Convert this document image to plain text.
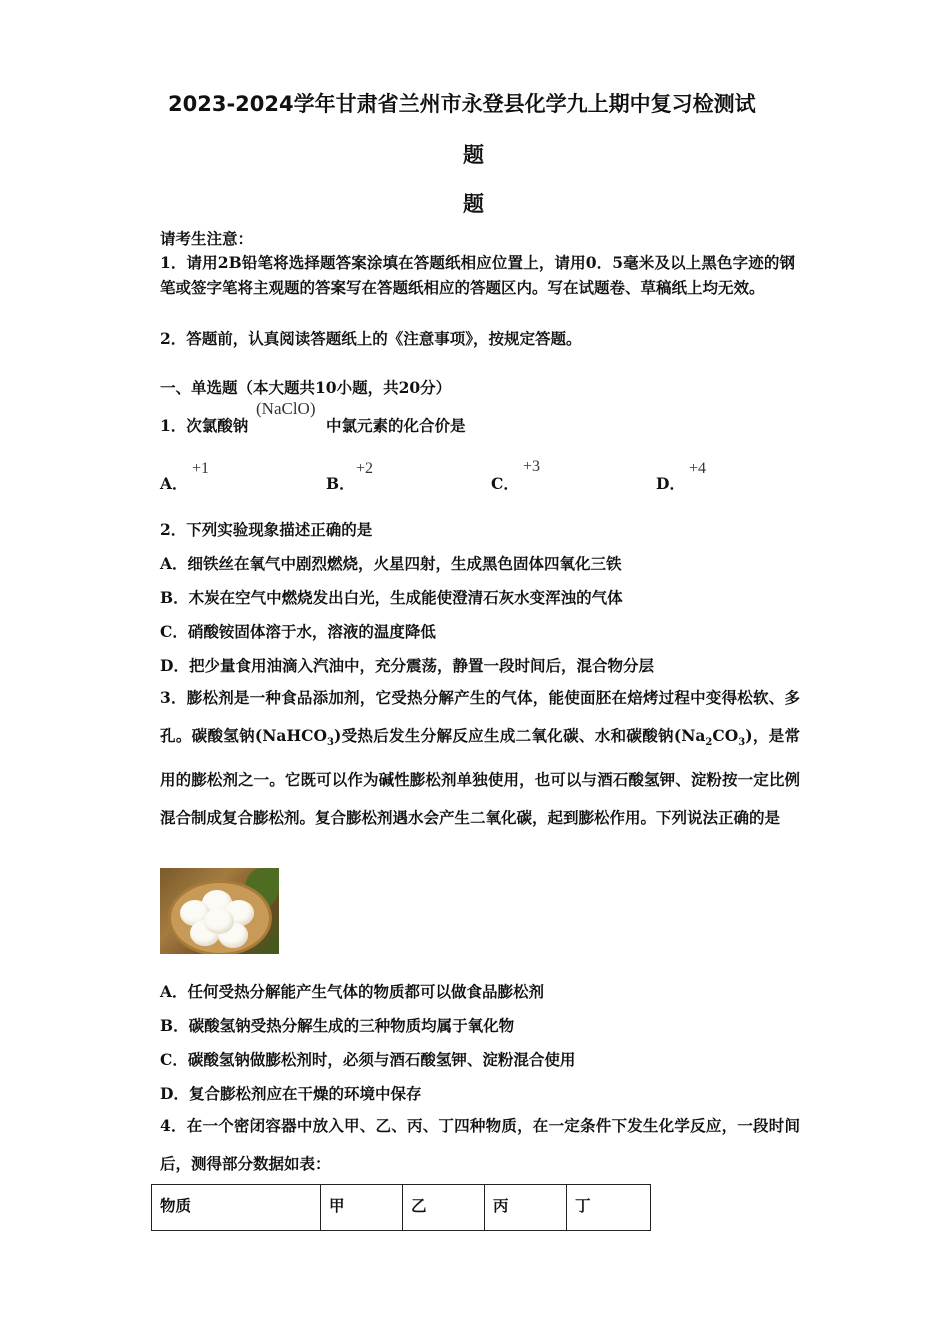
2023-2024学年甘肃省兰州市永登县化学九上期中复习检测试
题
题
请考生注意：
1．请用2B铅笔将选择题答案涂填在答题纸相应位置上，请用0．5毫米及以上黑色字迹的钢笔或签字笔将主观题的答案写在答题纸相应的答题区内。写在试题卷、草稿纸上均无效。
2．答题前，认真阅读答题纸上的《注意事项》，按规定答题。
一、单选题（本大题共10小题，共20分）
1．次氯酸钠
(NaClO)
中氯元素的化合价是
A．
+1
B．
+2
C．
+3
D．
+4
2．下列实验现象描述正确的是
A．细铁丝在氧气中剧烈燃烧，火星四射，生成黑色固体四氧化三铁
B．木炭在空气中燃烧发出白光，生成能使澄清石灰水变浑浊的气体
C．硝酸铵固体溶于水，溶液的温度降低
D．把少量食用油滴入汽油中，充分震荡，静置一段时间后，混合物分层
3．膨松剂是一种食品添加剂，它受热分解产生的气体，能使面胚在焙烤过程中变得松软、多孔。碳酸氢钠(NaHCO$_3$)受热后发生分解反应生成二氧化碳、水和碳酸钠$(Na_2CO_3)$，是常用的膨松剂之一。它既可以作为碱性膨松剂单独使用，也可以与酒石酸氢钾、淀粉按一定比例混合制成复合膨松剂。复合膨松剂遇水会产生二氧化碳，起到膨松作用。下列说法正确的是
A．任何受热分解能产生气体的物质都可以做食品膨松剂
B．碳酸氢钠受热分解生成的三种物质均属于氧化物
C．碳酸氢钠做膨松剂时，必须与酒石酸氢钾、淀粉混合使用
D．复合膨松剂应在干燥的环境中保存
4．在一个密闭容器中放入甲、乙、丙、丁四种物质，在一定条件下发生化学反应，一段时间后，测得部分数据如表：
物质	甲	乙	丙	丁
